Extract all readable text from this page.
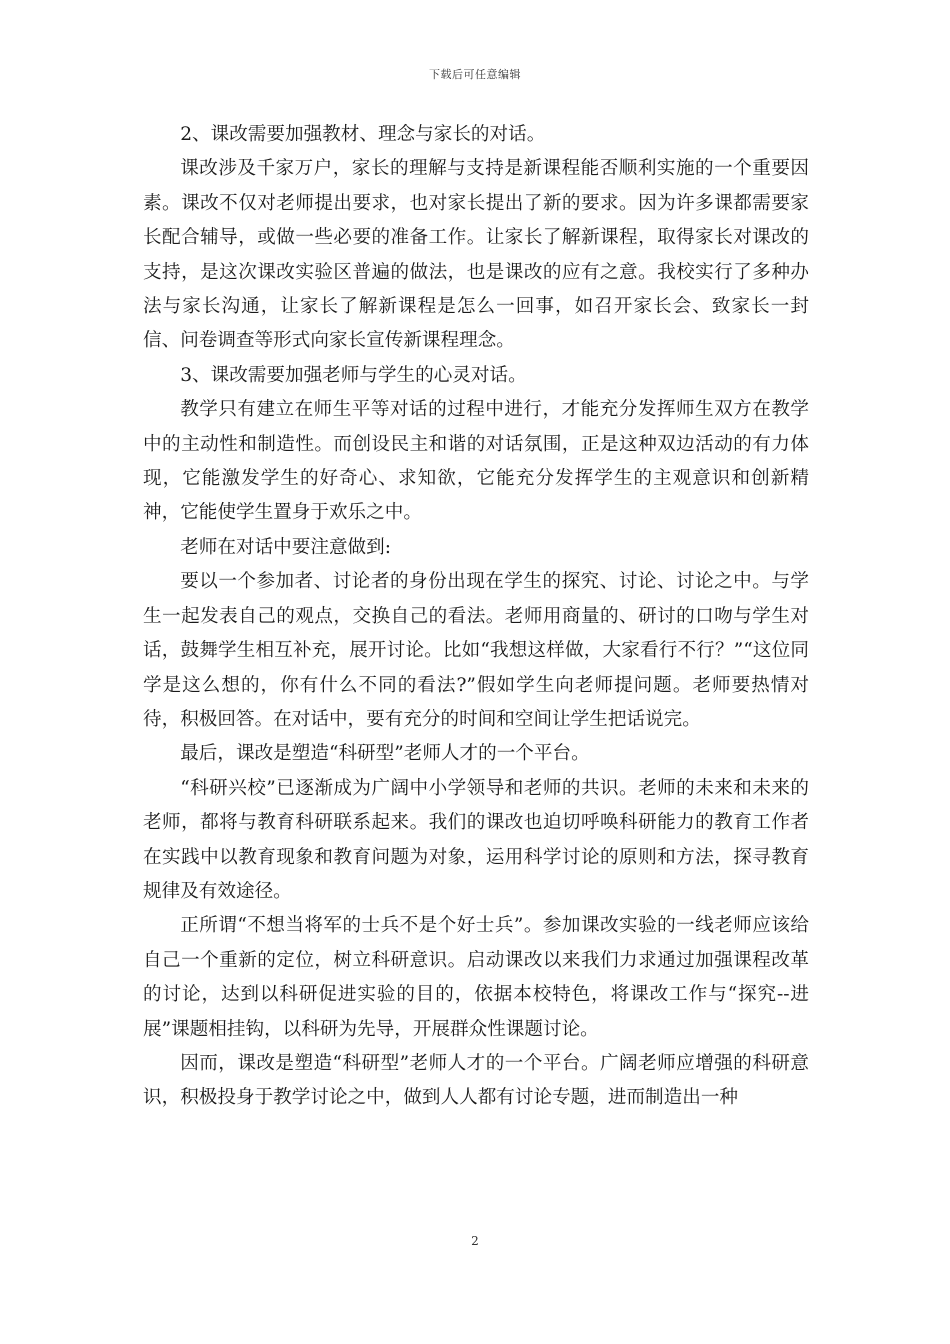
下载后可任意编辑

2、课改需要加强教材、理念与家长的对话。

课改涉及千家万户，家长的理解与支持是新课程能否顺利实施的一个重要因素。课改不仅对老师提出要求，也对家长提出了新的要求。因为许多课都需要家长配合辅导，或做一些必要的准备工作。让家长了解新课程，取得家长对课改的支持，是这次课改实验区普遍的做法，也是课改的应有之意。我校实行了多种办法与家长沟通，让家长了解新课程是怎么一回事，如召开家长会、致家长一封信、问卷调查等形式向家长宣传新课程理念。

3、课改需要加强老师与学生的心灵对话。

教学只有建立在师生平等对话的过程中进行，才能充分发挥师生双方在教学中的主动性和制造性。而创设民主和谐的对话氛围，正是这种双边活动的有力体现，它能激发学生的好奇心、求知欲，它能充分发挥学生的主观意识和创新精神，它能使学生置身于欢乐之中。

老师在对话中要注意做到:

要以一个参加者、讨论者的身份出现在学生的探究、讨论、讨论之中。与学生一起发表自己的观点，交换自己的看法。老师用商量的、研讨的口吻与学生对话，鼓舞学生相互补充，展开讨论。比如“我想这样做，大家看行不行？”“这位同学是这么想的，你有什么不同的看法?”假如学生向老师提问题。老师要热情对待，积极回答。在对话中，要有充分的时间和空间让学生把话说完。

最后，课改是塑造“科研型”老师人才的一个平台。

“科研兴校”已逐渐成为广阔中小学领导和老师的共识。老师的未来和未来的老师，都将与教育科研联系起来。我们的课改也迫切呼唤科研能力的教育工作者在实践中以教育现象和教育问题为对象，运用科学讨论的原则和方法，探寻教育规律及有效途径。

正所谓“不想当将军的士兵不是个好士兵”。参加课改实验的一线老师应该给自己一个重新的定位，树立科研意识。启动课改以来我们力求通过加强课程改革的讨论，达到以科研促进实验的目的，依据本校特色，将课改工作与“探究--进展”课题相挂钩，以科研为先导，开展群众性课题讨论。

因而，课改是塑造“科研型”老师人才的一个平台。广阔老师应增强的科研意识，积极投身于教学讨论之中，做到人人都有讨论专题，进而制造出一种

2
